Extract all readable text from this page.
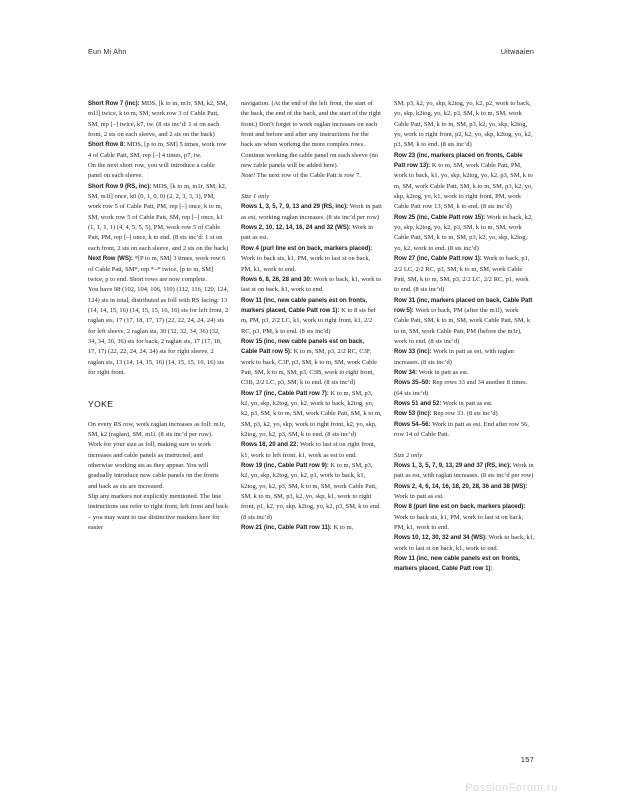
Eun Mi Ahn	Uitwaaien

Short Row 7 (inc): MDS, [k to m, m1r, SM, k2, SM, m1l] twice, k to m, SM, work row 3 of Cable Patt, SM, rep [–] twice, k7, tw. (8 sts inc’d: 1 st on each front, 2 sts on each sleeve, and 2 sts on the back)

Short Row 8: MDS, [p to m, SM] 5 times, work row 4 of Cable Patt, SM, rep [–] 4 times, p7, tw.

On the next short row, you will introduce a cable panel on each sleeve.

Short Row 9 (RS, inc): MDS, [k to m, m1r, SM, k2, SM, m1l] once, k0 (0, 1, 0, 0) (2, 2, 3, 3, 3), PM, work row 5 of Cable Patt, PM, rep [–] once, k to m, SM, work row 5 of Cable Patt, SM, rep [–] once, k1 (1, 1, 1, 1) (4, 4, 5, 5, 5), PM, work row 5 of Cable Patt, PM, rep [–] once, k to end. (8 sts inc’d: 1 st on each front, 2 sts on each sleeve, and 2 sts on the back)

Next Row (WS): *[P to m, SM] 3 times, work row 6 of Cable Patt, SM*, rep *–* twice, [p to m, SM] twice, p to end. Short rows are now complete.

You have 98 (102, 104, 106, 110) (112, 116, 120, 124, 124) sts in total, distributed as foll with RS facing: 13 (14, 14, 15, 16) (14, 15, 15, 16, 16) sts for left front, 2 raglan sts, 17 (17, 18, 17, 17) (22, 22, 24, 24, 24) sts for left sleeve, 2 raglan sts, 30 (32, 32, 34, 36) (32, 34, 34, 36, 36) sts for back, 2 raglan sts, 17 (17, 18, 17, 17) (22, 22, 24, 24, 24) sts for right sleeve, 2 raglan sts, 13 (14, 14, 15, 16) (14, 15, 15, 16, 16) sts for right front.

YOKE

On every RS row, work raglan increases as foll: m1r, SM, k2 (raglan), SM, m1l. (8 sts inc’d per row).

Work for your size as foll, making sure to work increases and cable panels as instructed, and otherwise working sts as they appear. You will gradually introduce new cable panels on the fronts and back as sts are increased.

Slip any markers not explicitly mentioned. The line instructions use refer to right front, left front and back – you may want to use distinctive markers here for easier

navigation. (At the end of the left front, the start of the back, the end of the back, and the start of the right front.) Don’t forget to work raglan increases on each front and before and after any instructions for the back sts when working the more complex rows.

Continue working the cable panel on each sleeve (no new cable panels will be added here).

Note! The next row of the Cable Patt is row 7.

Size 1 only

Rows 1, 3, 5, 7, 9, 13 and 29 (RS, inc): Work in patt as est, working raglan increases. (8 sts inc’d per row)

Rows 2, 10, 12, 14, 16, 24 and 32 (WS): Work in patt as est.

Row 4 (purl line est on back, markers placed): Work to back sts, k1, PM, work to last st on back, PM, k1, work to end.

Rows 6, 8, 26, 28 and 30: Work to back, k1, work to last st on back, k1, work to end.

Row 11 (inc, new cable panels est on fronts, markers placed, Cable Patt row 1): K to 8 sts bef m, PM, p3, 2/2 LC, k1, work to right front, k1, 2/2 RC, p3, PM, k to end. (8 sts inc’d)

Row 15 (inc, new cable panels est on back, Cable Patt row 5): K to m, SM, p3, 2/2 RC, C3F, work to back, C3F, p3, SM, k to m, SM, work Cable Patt, SM, k to m, SM, p3, C3B, work to right front, C3B, 2/2 LC, p3, SM, k to end. (8 sts inc’d)

Row 17 (inc, Cable Patt row 7): K to m, SM, p3, k2, yo, skp, k2tog, yo, k2, work to back, k2tog, yo, k2, p3, SM, k to m, SM, work Cable Patt, SM, k to m, SM, p3, k2, yo, skp, work to right front, k2, yo, skp, k2tog, yo, k2, p3, SM, k to end. (8 sts inc’d)

Rows 18, 20 and 22: Work to last st on right front, k1, work to left front, k1, work as est to end.

Row 19 (inc, Cable Patt row 9): K to m, SM, p3, k2, yo, skp, k2tog, yo, k2, p1, work to back, k1, k2tog, yo, k2, p3, SM, k to m, SM, work Cable Patt, SM, k to m, SM, p3, k2, yo, skp, k1, work to right front, p1, k2, yo, skp, k2tog, yo, k2, p3, SM, k to end. (8 sts inc’d)

Row 21 (inc, Cable Patt row 11): K to m,

SM, p3, k2, yo, skp, k2tog, yo, k2, p2, work to back, yo, skp, k2tog, yo, k2, p3, SM, k to m, SM, work Cable Patt, SM, k to m, SM, p3, k2, yo, skp, k2tog, yo, work to right front, p2, k2, yo, skp, k2tog, yo, k2, p3, SM, k to end. (8 sts inc’d)

Row 23 (inc, markers placed on fronts, Cable Patt row 13): K to m, SM, work Cable Patt, PM, work to back, k1, yo, skp, k2tog, yo, k2, p3, SM, k to m, SM, work Cable Patt, SM, k to m, SM, p3, k2, yo, skp, k2tog, yo, k1, work to right front, PM, work Cable Patt row 13, SM, k to end. (8 sts inc’d)

Row 25 (inc, Cable Patt row 15): Work to back, k2, yo, skp, k2tog, yo, k2, p3, SM, k to m, SM, work Cable Patt, SM, k to m, SM, p3, k2, yo, skp, k2tog, yo, k2, work to end. (8 sts inc’d)

Row 27 (inc, Cable Patt row 1): Work to back, p1, 2/2 LC, 2/2 RC, p3, SM, k to m, SM, work Cable Patt, SM, k to m, SM, p3, 2/2 LC, 2/2 RC, p1, work to end. (8 sts inc’d)

Row 31 (inc, markers placed on back, Cable Patt row 5): Work to back, PM (after the m1l), work Cable Patt, SM, k to m, SM, work Cable Patt, SM, k to m, SM, work Cable Patt, PM (before the m1r), work to end. (8 sts inc’d)

Row 33 (inc): Work in patt as est, with raglan increases. (8 sts inc’d)

Row 34: Work in patt as est.

Rows 35–50: Rep rows 33 and 34 another 8 times. (64 sts inc’d)

Rows 51 and 52: Work in patt as est.

Row 53 (inc): Rep row 33. (8 sts inc’d)

Rows 54–56: Work in patt as est. End after row 56, row 14 of Cable Patt.

Size 2 only

Rows 1, 3, 5, 7, 9, 13, 29 and 37 (RS, inc): Work in patt as est, with raglan increases. (8 sts inc’d per row)

Rows 2, 4, 6, 14, 16, 18, 20, 28, 36 and 38 (WS): Work in patt as est.

Row 8 (purl line est on back, markers placed): Work to back sts, k1, PM, work to last st on back, PM, k1, work to end.

Rows 10, 12, 30, 32 and 34 (WS): Work to back, k1, work to last st on back, k1, work to end.

Row 11 (inc, new cable panels est on fronts, markers placed, Cable Patt row 1):

157
PassionForum.ru
